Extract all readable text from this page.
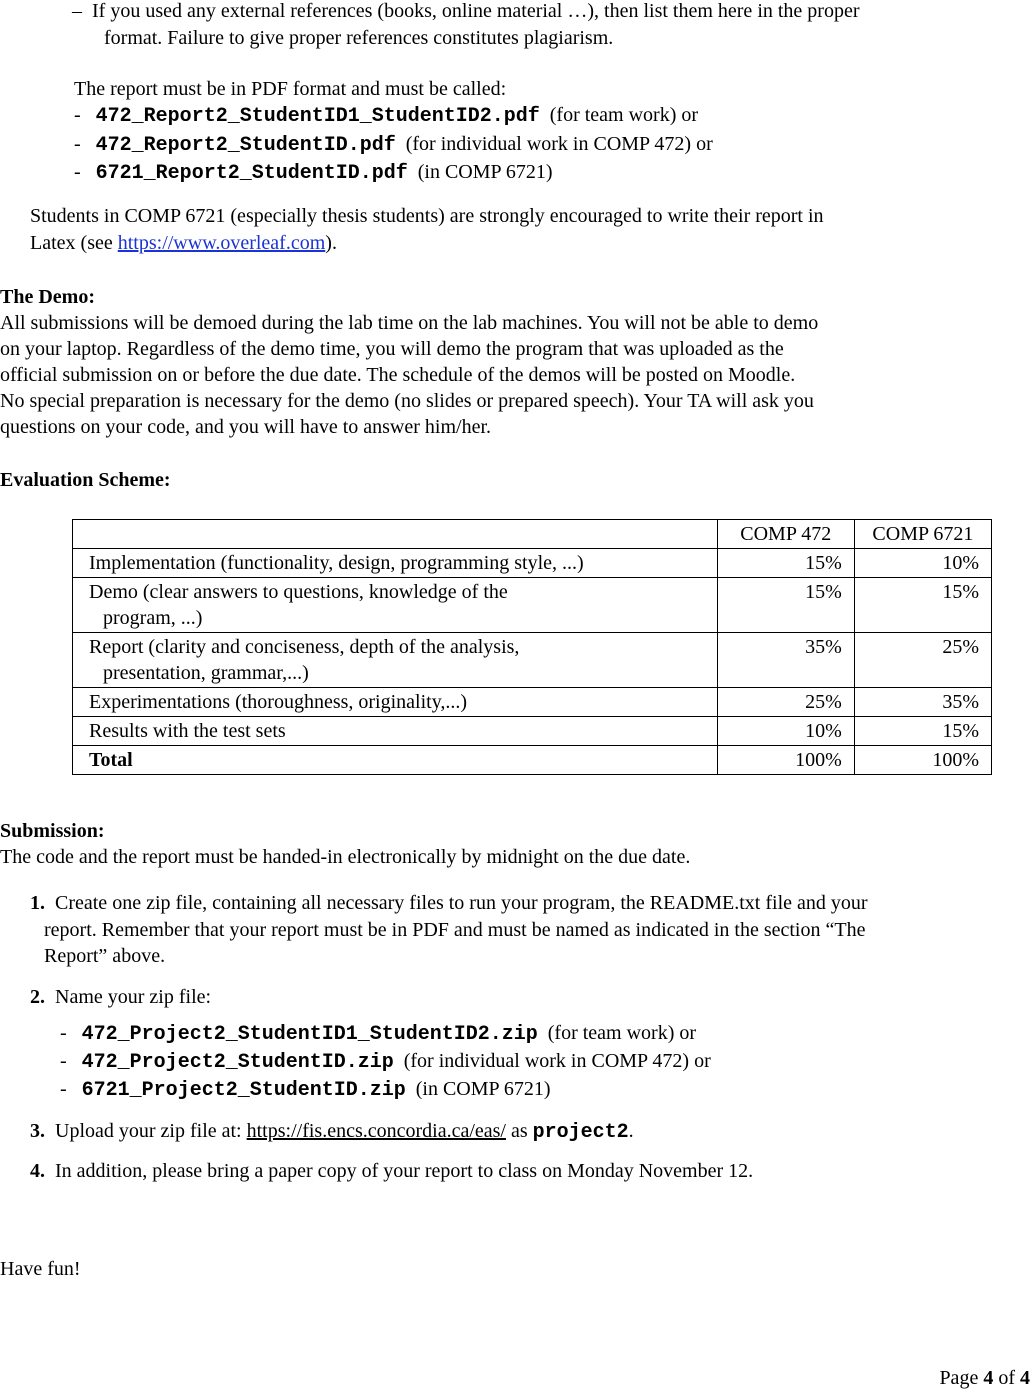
– If you used any external references (books, online material …), then list them here in the proper
format. Failure to give proper references constitutes plagiarism.
The report must be in PDF format and must be called:
- 472_Report2_StudentID1_StudentID2.pdf (for team work) or
- 472_Report2_StudentID.pdf (for individual work in COMP 472) or
- 6721_Report2_StudentID.pdf (in COMP 6721)
Students in COMP 6721 (especially thesis students) are strongly encouraged to write their report in
Latex (see https://www.overleaf.com).
The Demo:
All submissions will be demoed during the lab time on the lab machines. You will not be able to demo
on your laptop. Regardless of the demo time, you will demo the program that was uploaded as the
official submission on or before the due date. The schedule of the demos will be posted on Moodle.
No special preparation is necessary for the demo (no slides or prepared speech). Your TA will ask you
questions on your code, and you will have to answer him/her.
Evaluation Scheme:
	COMP 472	COMP 6721
Implementation (functionality, design, programming style, ...)	15%	10%
Demo (clear answers to questions, knowledge of the
program, ...)	15%	15%
Report (clarity and conciseness, depth of the analysis,
presentation, grammar,...)	35%	25%
Experimentations (thoroughness, originality,...)	25%	35%
Results with the test sets	10%	15%
Total	100%	100%
Submission:
The code and the report must be handed-in electronically by midnight on the due date.
1. Create one zip file, containing all necessary files to run your program, the README.txt file and your
report. Remember that your report must be in PDF and must be named as indicated in the section “The
Report” above.
2. Name your zip file:
- 472_Project2_StudentID1_StudentID2.zip (for team work) or
- 472_Project2_StudentID.zip (for individual work in COMP 472) or
- 6721_Project2_StudentID.zip (in COMP 6721)
3. Upload your zip file at: https://fis.encs.concordia.ca/eas/ as project2.
4. In addition, please bring a paper copy of your report to class on Monday November 12.
Have fun!
Page 4 of 4
